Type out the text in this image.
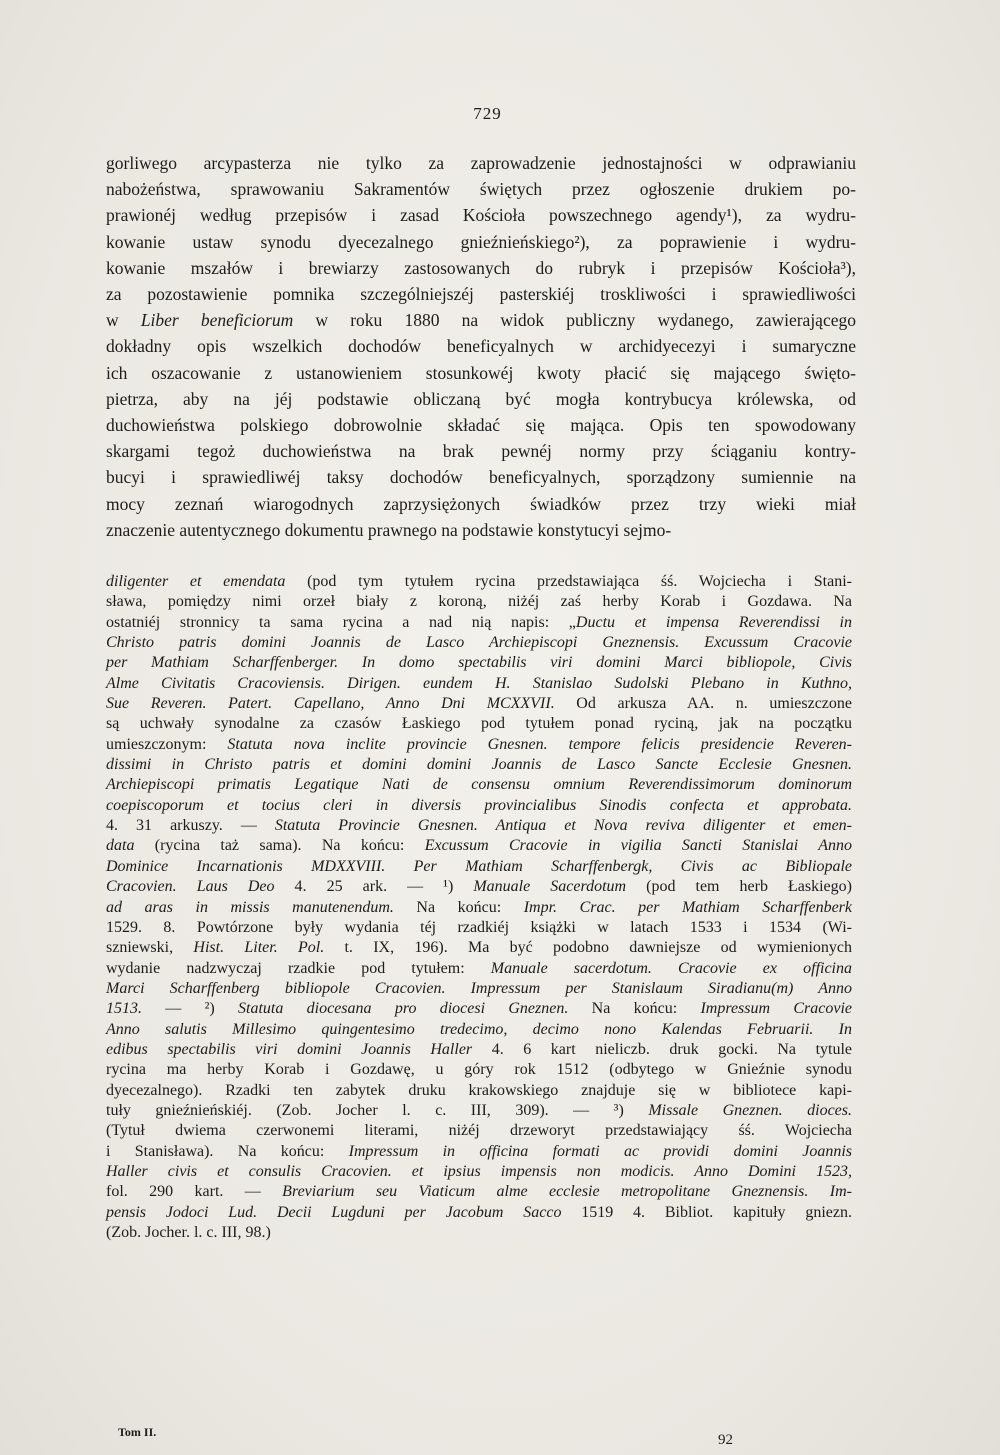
729
gorliwego arcypasterza nie tylko za zaprowadzenie jednostajności w odprawianiu
nabożeństwa, sprawowaniu Sakramentów świętych przez ogłoszenie drukiem po-
prawionéj według przepisów i zasad Kościoła powszechnego agendy¹), za wydru-
kowanie ustaw synodu dyecezalnego gnieźnieńskiego²), za poprawienie i wydru-
kowanie mszałów i brewiarzy zastosowanych do rubryk i przepisów Kościoła³),
za pozostawienie pomnika szczególniejszéj pasterskiéj troskliwości i sprawiedliwości
w Liber beneficiorum w roku 1880 na widok publiczny wydanego, zawierającego
dokładny opis wszelkich dochodów beneficyalnych w archidyecezyi i sumaryczne
ich oszacowanie z ustanowieniem stosunkowéj kwoty płacić się mającego święto-
pietrza, aby na jéj podstawie obliczaną być mogła kontrybucya królewska, od
duchowieństwa polskiego dobrowolnie składać się mająca. Opis ten spowodowany
skargami tegoż duchowieństwa na brak pewnéj normy przy ściąganiu kontry-
bucyi i sprawiedliwéj taksy dochodów beneficyalnych, sporządzony sumiennie na
mocy zeznań wiarogodnych zaprzysiężonych świadków przez trzy wieki miał
znaczenie autentycznego dokumentu prawnego na podstawie konstytucyi sejmo-
diligenter et emendata (pod tym tytułem rycina przedstawiająca śś. Wojciecha i Stani-
sława, pomiędzy nimi orzeł biały z koroną, niżéj zaś herby Korab i Gozdawa. Na
ostatniéj stronnicy ta sama rycina a nad nią napis: „Ductu et impensa Reverendissi in
Christo patris domini Joannis de Lasco Archiepiscopi Gneznensis. Excussum Cracovie
per Mathiam Scharffenberger. In domo spectabilis viri domini Marci bibliopole, Civis
Alme Civitatis Cracoviensis. Dirigen. eundem H. Stanislao Sudolski Plebano in Kuthno,
Sue Reveren. Patert. Capellano, Anno Dni MCXXVII. Od arkusza AA. n. umieszczone
są uchwały synodalne za czasów Łaskiego pod tytułem ponad ryciną, jak na początku
umieszczonym: Statuta nova inclite provincie Gnesnen. tempore felicis presidencie Reveren-
dissimi in Christo patris et domini domini Joannis de Lasco Sancte Ecclesie Gnesnen.
Archiepiscopi primatis Legatique Nati de consensu omnium Reverendissimorum dominorum
coepiscoporum et tocius cleri in diversis provincialibus Sinodis confecta et approbata.
4. 31 arkuszy. — Statuta Provincie Gnesnen. Antiqua et Nova reviva diligenter et emen-
data (rycina taż sama). Na końcu: Excussum Cracovie in vigilia Sancti Stanislai Anno
Dominice Incarnationis MDXXVIII. Per Mathiam Scharffenbergk, Civis ac Bibliopale
Cracovien. Laus Deo 4. 25 ark. — ¹) Manuale Sacerdotum (pod tem herb Łaskiego)
ad aras in missis manutenendum. Na końcu: Impr. Crac. per Mathiam Scharffenberk
1529. 8. Powtórzone były wydania téj rzadkiéj książki w latach 1533 i 1534 (Wi-
szniewski, Hist. Liter. Pol. t. IX, 196). Ma być podobno dawniejsze od wymienionych
wydanie nadzwyczaj rzadkie pod tytułem: Manuale sacerdotum. Cracovie ex officina
Marci Scharffenberg bibliopole Cracovien. Impressum per Stanislaum Siradianu(m) Anno
1513. — ²) Statuta diocesana pro diocesi Gneznen. Na końcu: Impressum Cracovie
Anno salutis Millesimo quingentesimo tredecimo, decimo nono Kalendas Februarii. In
edibus spectabilis viri domini Joannis Haller 4. 6 kart nieliczb. druk gocki. Na tytule
rycina ma herby Korab i Gozdawę, u góry rok 1512 (odbytego w Gnieźnie synodu
dyecezalnego). Rzadki ten zabytek druku krakowskiego znajduje się w bibliotece kapi-
tuły gnieźnieńskiéj. (Zob. Jocher l. c. III, 309). — ³) Missale Gneznen. dioces.
(Tytuł dwiema czerwonemi literami, niżéj drzeworyt przedstawiający śś. Wojciecha
i Stanisława). Na końcu: Impressum in officina formati ac providi domini Joannis
Haller civis et consulis Cracovien. et ipsius impensis non modicis. Anno Domini 1523,
fol. 290 kart. — Breviarium seu Viaticum alme ecclesie metropolitane Gneznensis. Im-
pensis Jodoci Lud. Decii Lugduni per Jacobum Sacco 1519 4. Bibliot. kapituły gniezn.
(Zob. Jocher. l. c. III, 98.)
Tom II.	92
